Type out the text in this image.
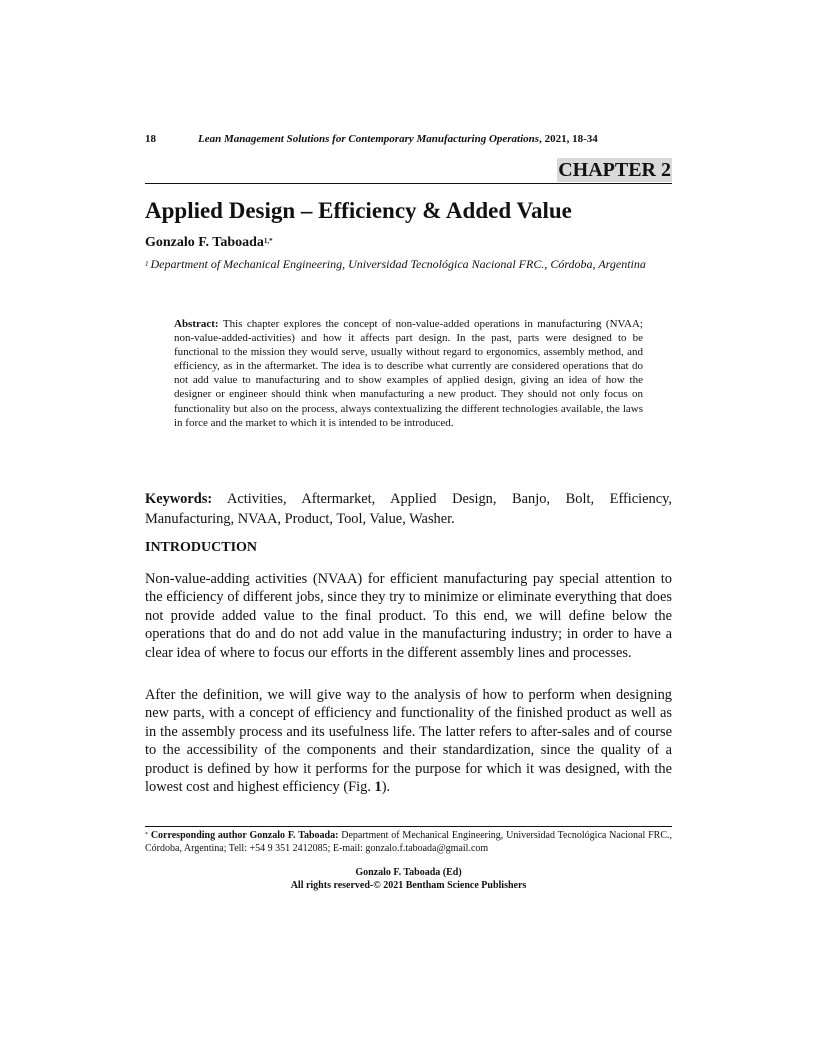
18	Lean Management Solutions for Contemporary Manufacturing Operations, 2021, 18-34
CHAPTER 2
Applied Design – Efficiency & Added Value
Gonzalo F. Taboada$^{1,*}$
$^1$ Department of Mechanical Engineering, Universidad Tecnológica Nacional FRC., Córdoba, Argentina
Abstract: This chapter explores the concept of non-value-added operations in manufacturing (NVAA; non-value-added-activities) and how it affects part design. In the past, parts were designed to be functional to the mission they would serve, usually without regard to ergonomics, assembly method, and efficiency, as in the aftermarket. The idea is to describe what currently are considered operations that do not add value to manufacturing and to show examples of applied design, giving an idea of how the designer or engineer should think when manufacturing a new product. They should not only focus on functionality but also on the process, always contextualizing the different technologies available, the laws in force and the market to which it is intended to be introduced.
Keywords: Activities, Aftermarket, Applied Design, Banjo, Bolt, Efficiency, Manufacturing, NVAA, Product, Tool, Value, Washer.
INTRODUCTION

Non-value-adding activities (NVAA) for efficient manufacturing pay special attention to the efficiency of different jobs, since they try to minimize or eliminate everything that does not provide added value to the final product. To this end, we will define below the operations that do and do not add value in the manufacturing industry; in order to have a clear idea of where to focus our efforts in the different assembly lines and processes.

After the definition, we will give way to the analysis of how to perform when designing new parts, with a concept of efficiency and functionality of the finished product as well as in the assembly process and its usefulness life. The latter refers to after-sales and of course to the accessibility of the components and their standardization, since the quality of a product is defined by how it performs for the purpose for which it was designed, with the lowest cost and highest efficiency (Fig. 1).

* Corresponding author Gonzalo F. Taboada: Department of Mechanical Engineering, Universidad Tecnológica Nacional FRC., Córdoba, Argentina; Tell: +54 9 351 2412085; E-mail: gonzalo.f.taboada@gmail.com
Gonzalo F. Taboada (Ed)
All rights reserved-© 2021 Bentham Science Publishers
